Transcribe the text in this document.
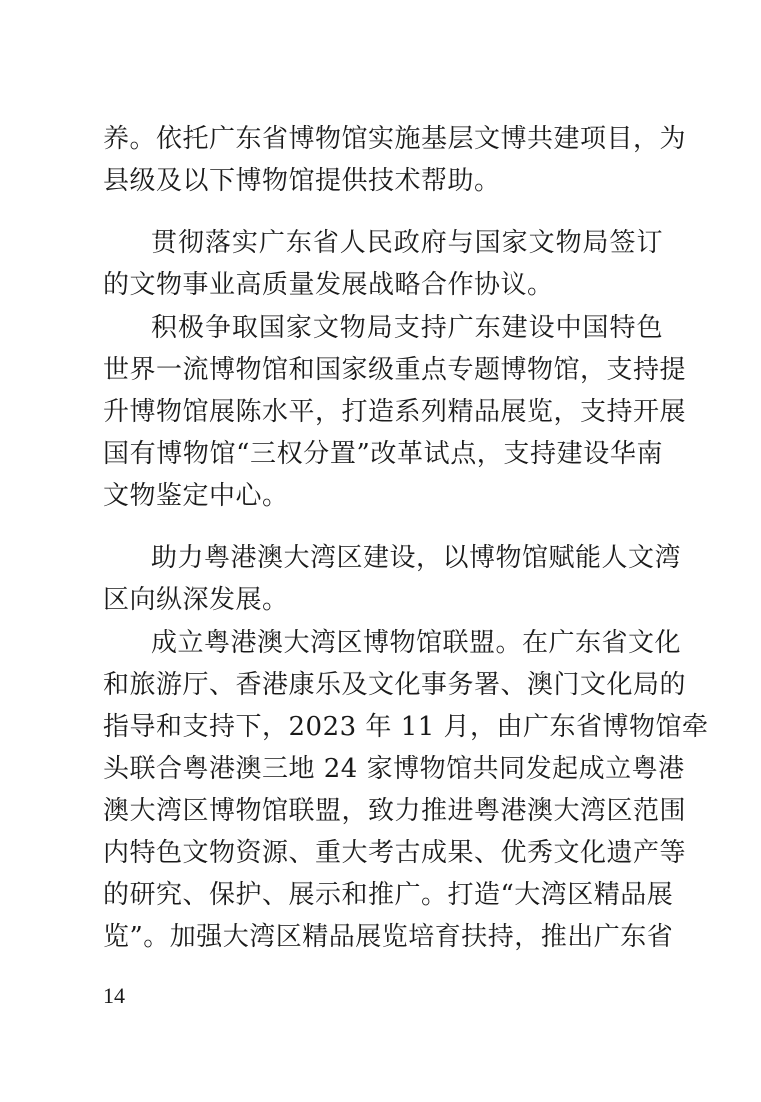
养。依托广东省博物馆实施基层文博共建项目，为
县级及以下博物馆提供技术帮助。
贯彻落实广东省人民政府与国家文物局签订
的文物事业高质量发展战略合作协议。
积极争取国家文物局支持广东建设中国特色
世界一流博物馆和国家级重点专题博物馆，支持提
升博物馆展陈水平，打造系列精品展览，支持开展
国有博物馆“三权分置”改革试点，支持建设华南
文物鉴定中心。
助力粤港澳大湾区建设，以博物馆赋能人文湾
区向纵深发展。
成立粤港澳大湾区博物馆联盟。在广东省文化
和旅游厅、香港康乐及文化事务署、澳门文化局的
指导和支持下，2023 年 11 月，由广东省博物馆牵
头联合粤港澳三地 24 家博物馆共同发起成立粤港
澳大湾区博物馆联盟，致力推进粤港澳大湾区范围
内特色文物资源、重大考古成果、优秀文化遗产等
的研究、保护、展示和推广。打造“大湾区精品展
览”。加强大湾区精品展览培育扶持，推出广东省
14
